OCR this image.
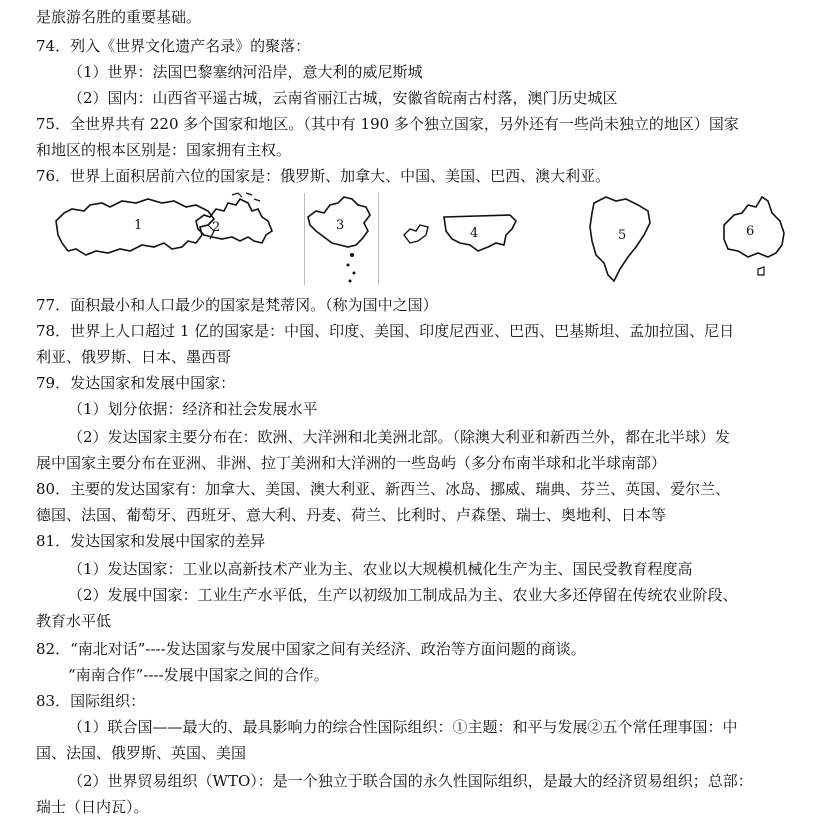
是旅游名胜的重要基础。
74．列入《世界文化遗产名录》的聚落：
（1）世界：法国巴黎塞纳河沿岸，意大利的威尼斯城
（2）国内：山西省平遥古城，云南省丽江古城，安徽省皖南古村落，澳门历史城区
75．全世界共有 220 多个国家和地区。（其中有 190 多个独立国家，另外还有一些尚未独立的地区）国家
和地区的根本区别是：国家拥有主权。
76．世界上面积居前六位的国家是：俄罗斯、加拿大、中国、美国、巴西、澳大利亚。
1	2	3
4	5	6
77．面积最小和人口最少的国家是梵蒂冈。（称为国中之国）
78．世界上人口超过 1 亿的国家是：中国、印度、美国、印度尼西亚、巴西、巴基斯坦、孟加拉国、尼日
利亚、俄罗斯、日本、墨西哥
79．发达国家和发展中国家：
（1）划分依据：经济和社会发展水平
（2）发达国家主要分布在：欧洲、大洋洲和北美洲北部。（除澳大利亚和新西兰外，都在北半球）发
展中国家主要分布在亚洲、非洲、拉丁美洲和大洋洲的一些岛屿（多分布南半球和北半球南部）
80．主要的发达国家有：加拿大、美国、澳大利亚、新西兰、冰岛、挪威、瑞典、芬兰、英国、爱尔兰、
德国、法国、葡萄牙、西班牙、意大利、丹麦、荷兰、比利时、卢森堡、瑞士、奥地利、日本等
81．发达国家和发展中国家的差异
（1）发达国家：工业以高新技术产业为主、农业以大规模机械化生产为主、国民受教育程度高
（2）发展中国家：工业生产水平低，生产以初级加工制成品为主、农业大多还停留在传统农业阶段、
教育水平低
82．“南北对话”----发达国家与发展中国家之间有关经济、政治等方面问题的商谈。
“南南合作”----发展中国家之间的合作。
83．国际组织：
（1）联合国——最大的、最具影响力的综合性国际组织：①主题：和平与发展②五个常任理事国：中
国、法国、俄罗斯、英国、美国
（2）世界贸易组织（WTO）：是一个独立于联合国的永久性国际组织，是最大的经济贸易组织；总部：
瑞士（日内瓦）。
